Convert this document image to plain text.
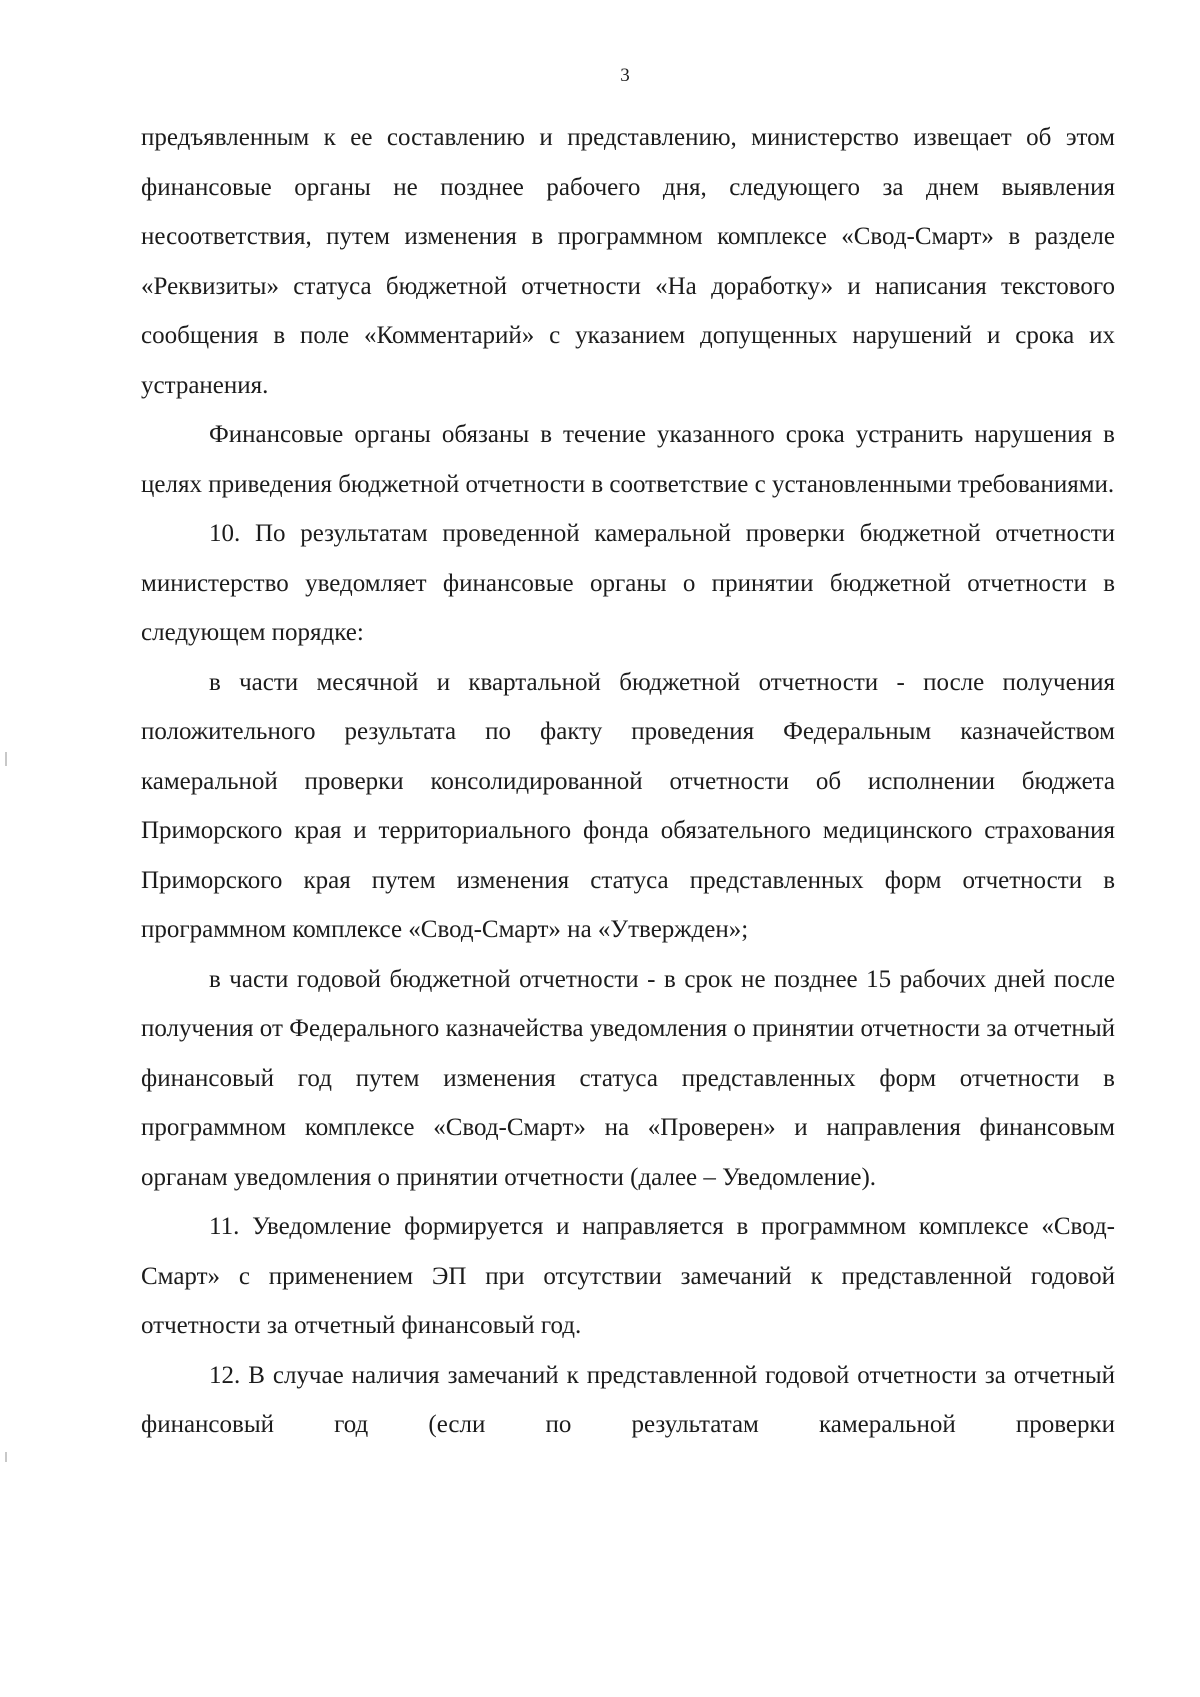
3

предъявленным к ее составлению и представлению, министерство извещает об этом финансовые органы не позднее рабочего дня, следующего за днем выявления несоответствия, путем изменения в программном комплексе «Свод-Смарт» в разделе «Реквизиты» статуса бюджетной отчетности «На доработку» и написания текстового сообщения в поле «Комментарий» с указанием допущенных нарушений и срока их устранения.

Финансовые органы обязаны в течение указанного срока устранить нарушения в целях приведения бюджетной отчетности в соответствие с установленными требованиями.

10. По результатам проведенной камеральной проверки бюджетной отчетности министерство уведомляет финансовые органы о принятии бюджетной отчетности в следующем порядке:

в части месячной и квартальной бюджетной отчетности - после получения положительного результата по факту проведения Федеральным казначейством камеральной проверки консолидированной отчетности об исполнении бюджета Приморского края и территориального фонда обязательного медицинского страхования Приморского края путем изменения статуса представленных форм отчетности в программном комплексе «Свод-Смарт» на «Утвержден»;

в части годовой бюджетной отчетности - в срок не позднее 15 рабочих дней после получения от Федерального казначейства уведомления о принятии отчетности за отчетный финансовый год путем изменения статуса представленных форм отчетности в программном комплексе «Свод-Смарт» на «Проверен» и направления финансовым органам уведомления о принятии отчетности (далее – Уведомление).

11. Уведомление формируется и направляется в программном комплексе «Свод-Смарт» с применением ЭП при отсутствии замечаний к представленной годовой отчетности за отчетный финансовый год.

12. В случае наличия замечаний к представленной годовой отчетности за отчетный финансовый год (если по результатам камеральной проверки
